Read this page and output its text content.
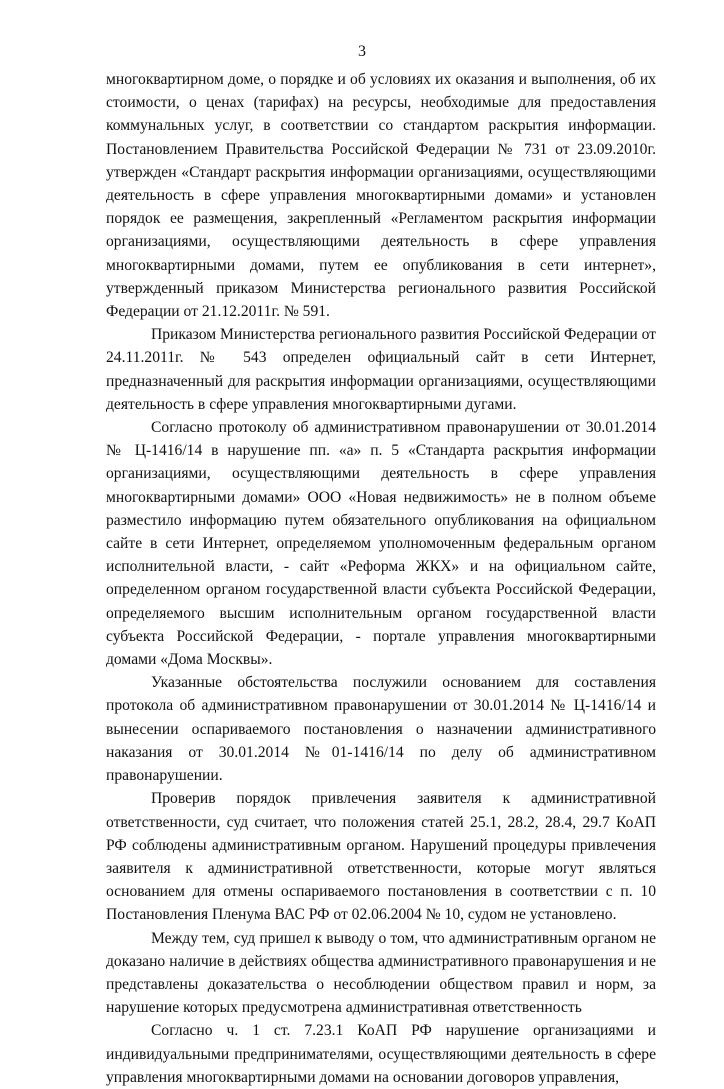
3

многоквартирном доме, о порядке и об условиях их оказания и выполнения, об их стоимости, о ценах (тарифах) на ресурсы, необходимые для предоставления коммунальных услуг, в соответствии со стандартом раскрытия информации. Постановлением Правительства Российской Федерации № 731 от 23.09.2010г. утвержден «Стандарт раскрытия информации организациями, осуществляющими деятельность в сфере управления многоквартирными домами» и установлен порядок ее размещения, закрепленный «Регламентом раскрытия информации организациями, осуществляющими деятельность в сфере управления многоквартирными домами, путем ее опубликования в сети интернет», утвержденный приказом Министерства регионального развития Российской Федерации от 21.12.2011г. № 591.

Приказом Министерства регионального развития Российской Федерации от 24.11.2011г. № 543 определен официальный сайт в сети Интернет, предназначенный для раскрытия информации организациями, осуществляющими деятельность в сфере управления многоквартирными дугами.

Согласно протоколу об административном правонарушении от 30.01.2014 № Ц-1416/14 в нарушение пп. «а» п. 5 «Стандарта раскрытия информации организациями, осуществляющими деятельность в сфере управления многоквартирными домами» ООО «Новая недвижимость» не в полном объеме разместило информацию путем обязательного опубликования на официальном сайте в сети Интернет, определяемом уполномоченным федеральным органом исполнительной власти, - сайт «Реформа ЖКХ» и на официальном сайте, определенном органом государственной власти субъекта Российской Федерации, определяемого высшим исполнительным органом государственной власти субъекта Российской Федерации, - портале управления многоквартирными домами «Дома Москвы».

Указанные обстоятельства послужили основанием для составления протокола об административном правонарушении от 30.01.2014 № Ц-1416/14 и вынесении оспариваемого постановления о назначении административного наказания от 30.01.2014 №01-1416/14 по делу об административном правонарушении.

Проверив порядок привлечения заявителя к административной ответственности, суд считает, что положения статей 25.1, 28.2, 28.4, 29.7 КоАП РФ соблюдены административным органом. Нарушений процедуры привлечения заявителя к административной ответственности, которые могут являться основанием для отмены оспариваемого постановления в соответствии с п. 10 Постановления Пленума ВАС РФ от 02.06.2004 № 10, судом не установлено.

Между тем, суд пришел к выводу о том, что административным органом не доказано наличие в действиях общества административного правонарушения и не представлены доказательства о несоблюдении обществом правил и норм, за нарушение которых предусмотрена административная ответственность

Согласно ч. 1 ст. 7.23.1 КоАП РФ нарушение организациями и индивидуальными предпринимателями, осуществляющими деятельность в сфере управления многоквартирными домами на основании договоров управления,
